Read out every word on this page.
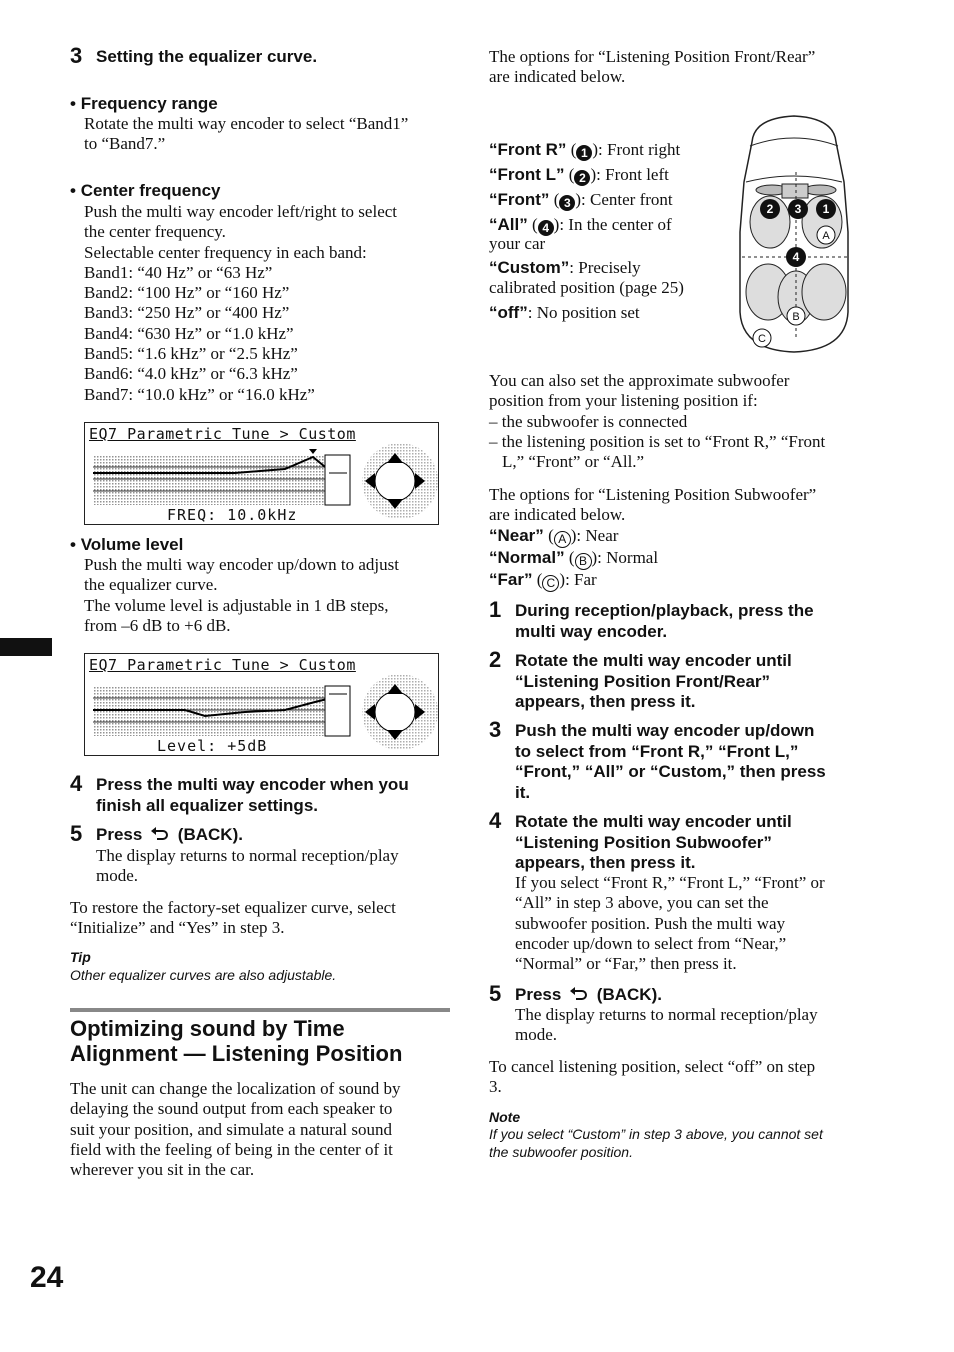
3 Setting the equalizer curve.
• Frequency range
Rotate the multi way encoder to select “Band1”
to “Band7.”
• Center frequency
Push the multi way encoder left/right to select
the center frequency.
Selectable center frequency in each band:
Band1: “40 Hz” or “63 Hz”
Band2: “100 Hz” or “160 Hz”
Band3: “250 Hz” or “400 Hz”
Band4: “630 Hz” or “1.0 kHz”
Band5: “1.6 kHz” or “2.5 kHz”
Band6: “4.0 kHz” or “6.3 kHz”
Band7: “10.0 kHz” or “16.0 kHz”
EQ7 Parametric Tune > Custom
FREQ: 10.0kHz
• Volume level
Push the multi way encoder up/down to adjust
the equalizer curve.
The volume level is adjustable in 1 dB steps,
from –6 dB to +6 dB.
EQ7 Parametric Tune > Custom
Level: +5dB
4 Press the multi way encoder when you
finish all equalizer settings.
5 Press (BACK).
The display returns to normal reception/play
mode.
To restore the factory-set equalizer curve, select
“Initialize” and “Yes” in step 3.
Tip
Other equalizer curves are also adjustable.
Optimizing sound by Time
Alignment — Listening Position
The unit can change the localization of sound by
delaying the sound output from each speaker to
suit your position, and simulate a natural sound
field with the feeling of being in the center of it
wherever you sit in the car.
24
The options for “Listening Position Front/Rear”
are indicated below.
“Front R” ( 1 ): Front right
“Front L” ( 2 ): Front left
“Front” ( 3 ): Center front
“All” ( 4 ): In the center of
your car
“Custom”: Precisely
calibrated position (page 25)
“off”: No position set
2 3 1
4
A
B
C
You can also set the approximate subwoofer
position from your listening position if:
– the subwoofer is connected
– the listening position is set to “Front R,” “Front
L,” “Front” or “All.”
The options for “Listening Position Subwoofer”
are indicated below.
“Near” ( A ): Near
“Normal” ( B ): Normal
“Far” ( C ): Far
1 During reception/playback, press the
multi way encoder.
2 Rotate the multi way encoder until
“Listening Position Front/Rear”
appears, then press it.
3 Push the multi way encoder up/down
to select from “Front R,” “Front L,”
“Front,” “All” or “Custom,” then press
it.
4 Rotate the multi way encoder until
“Listening Position Subwoofer”
appears, then press it.
If you select “Front R,” “Front L,” “Front” or
“All” in step 3 above, you can set the
subwoofer position. Push the multi way
encoder up/down to select from “Near,”
“Normal” or “Far,” then press it.
5 Press (BACK).
The display returns to normal reception/play
mode.
To cancel listening position, select “off” on step
3.
Note
If you select “Custom” in step 3 above, you cannot set
the subwoofer position.
